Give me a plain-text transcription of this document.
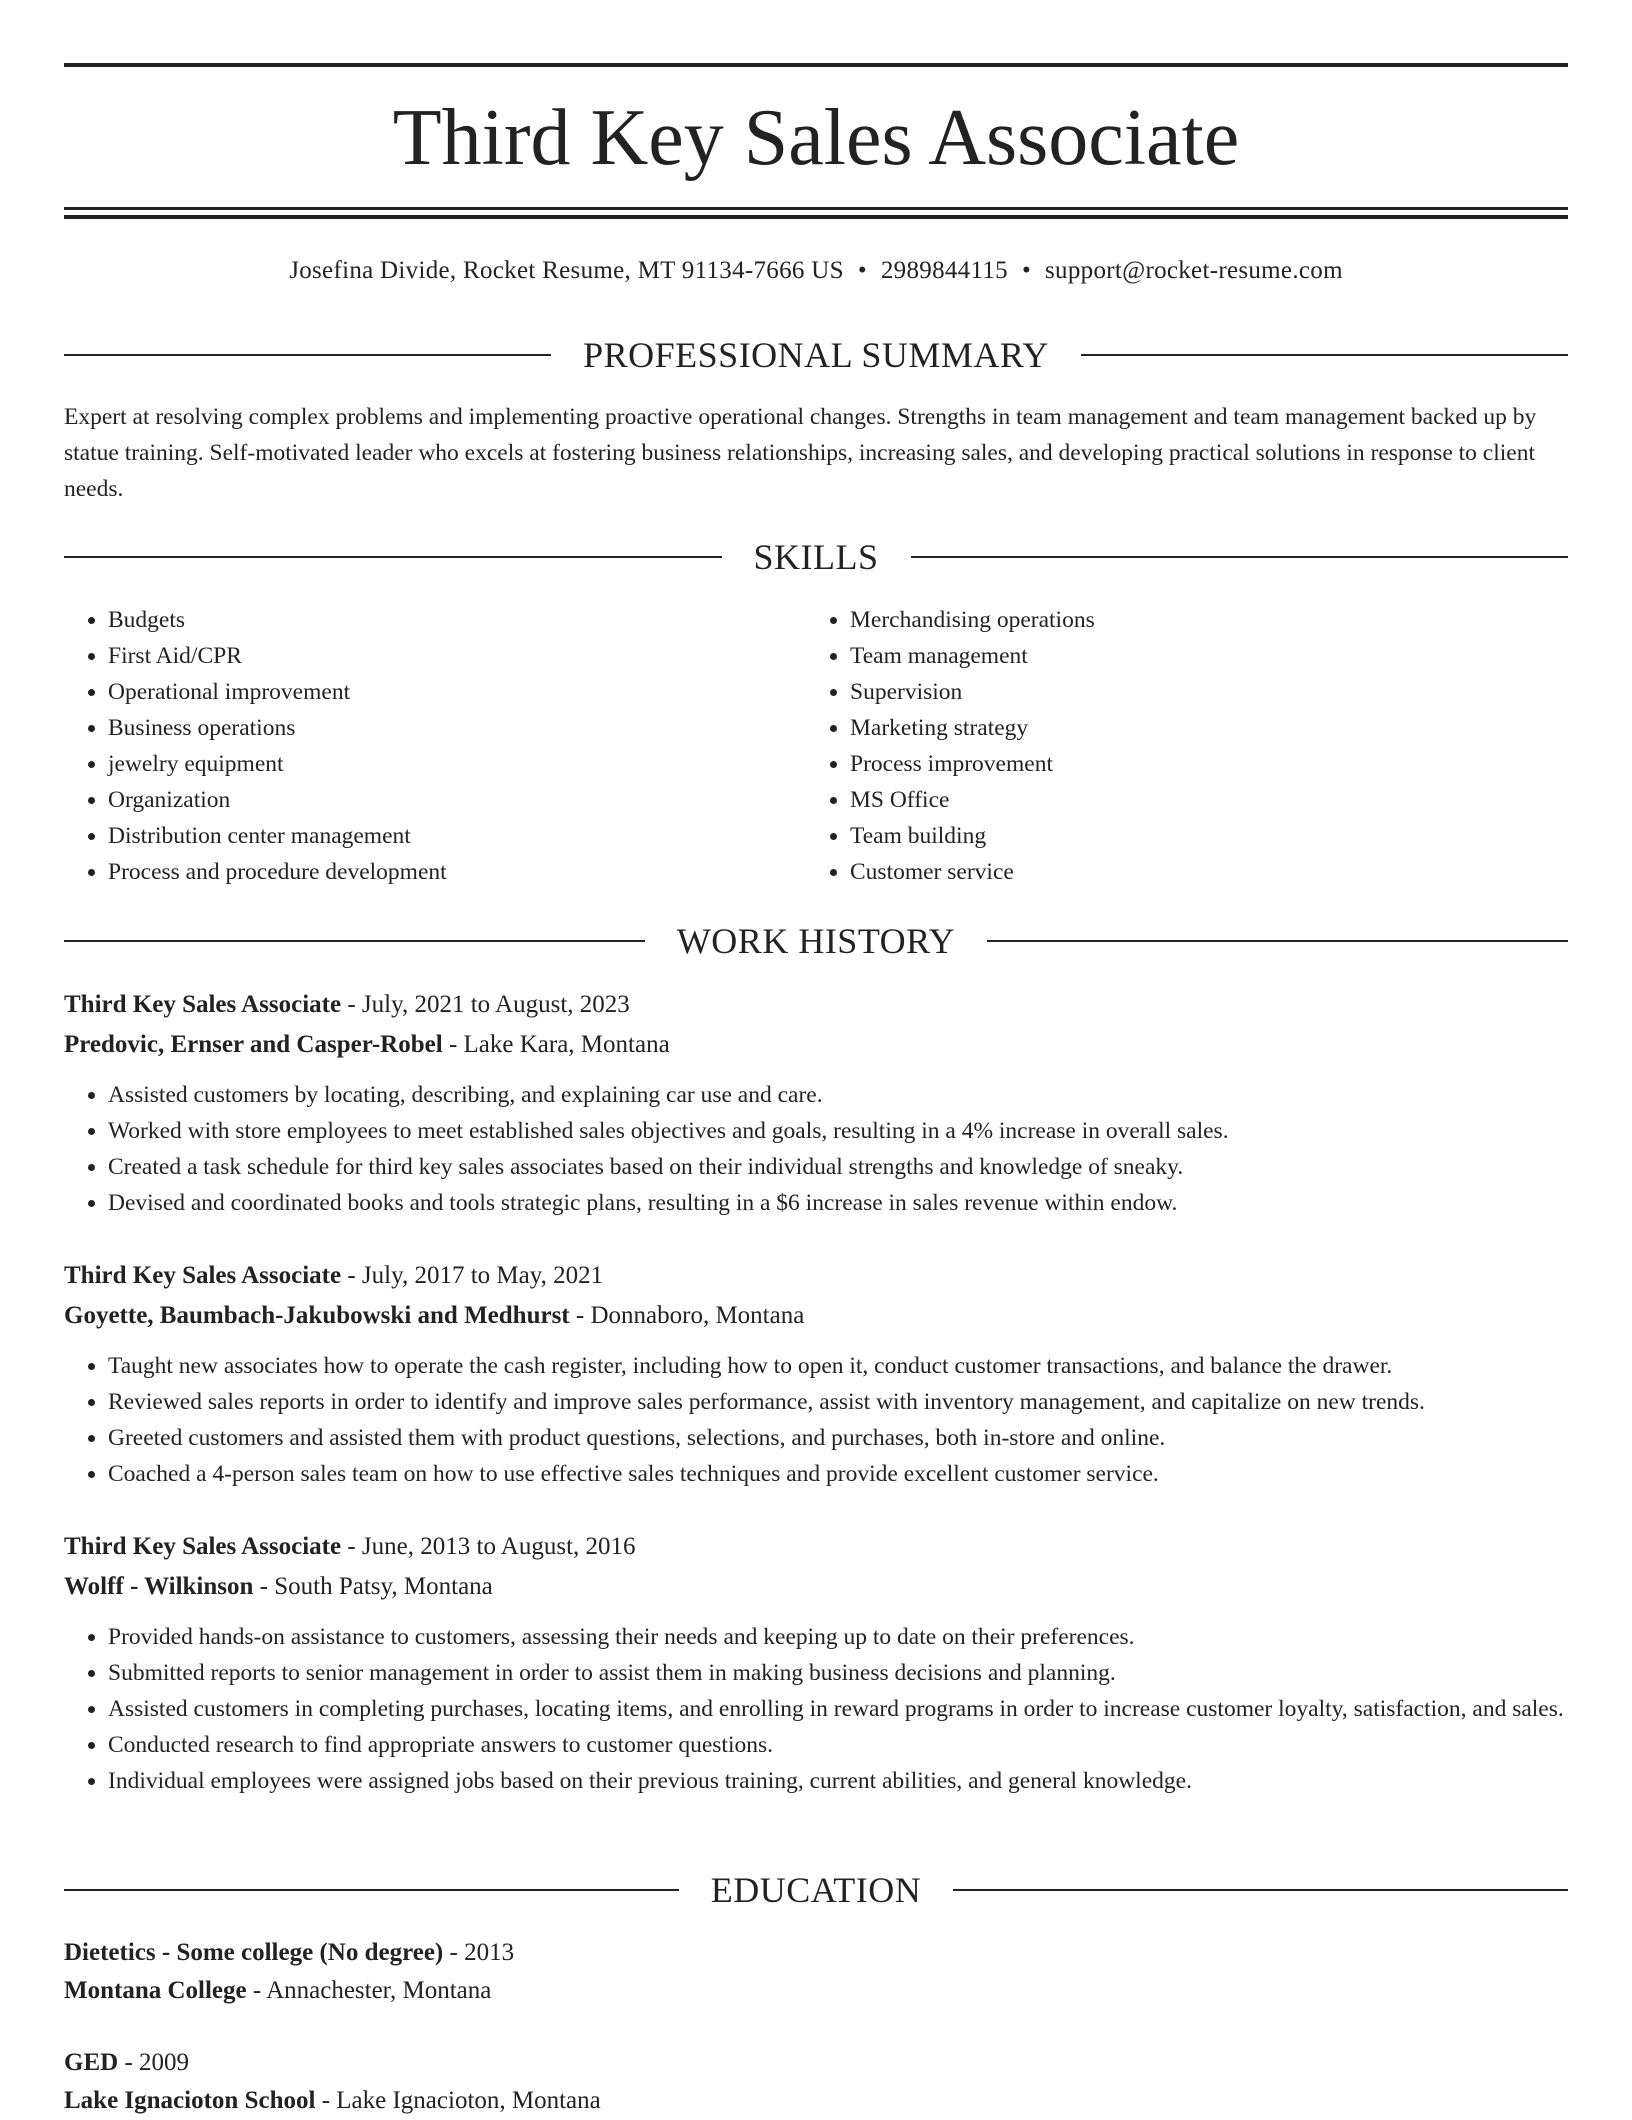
Third Key Sales Associate
Josefina Divide, Rocket Resume, MT 91134-7666 US • 2989844115 • support@rocket-resume.com
PROFESSIONAL SUMMARY

Expert at resolving complex problems and implementing proactive operational changes. Strengths in team management and team management backed up by statue training. Self-motivated leader who excels at fostering business relationships, increasing sales, and developing practical solutions in response to client needs.

SKILLS
• Budgets
• First Aid/CPR
• Operational improvement
• Business operations
• jewelry equipment
• Organization
• Distribution center management
• Process and procedure development
• Merchandising operations
• Team management
• Supervision
• Marketing strategy
• Process improvement
• MS Office
• Team building
• Customer service
WORK HISTORY
Third Key Sales Associate - July, 2021 to August, 2023
Predovic, Ernser and Casper-Robel - Lake Kara, Montana
• Assisted customers by locating, describing, and explaining car use and care.
• Worked with store employees to meet established sales objectives and goals, resulting in a 4% increase in overall sales.
• Created a task schedule for third key sales associates based on their individual strengths and knowledge of sneaky.
• Devised and coordinated books and tools strategic plans, resulting in a $6 increase in sales revenue within endow.
Third Key Sales Associate - July, 2017 to May, 2021
Goyette, Baumbach-Jakubowski and Medhurst - Donnaboro, Montana
• Taught new associates how to operate the cash register, including how to open it, conduct customer transactions, and balance the drawer.
• Reviewed sales reports in order to identify and improve sales performance, assist with inventory management, and capitalize on new trends.
• Greeted customers and assisted them with product questions, selections, and purchases, both in-store and online.
• Coached a 4-person sales team on how to use effective sales techniques and provide excellent customer service.
Third Key Sales Associate - June, 2013 to August, 2016
Wolff - Wilkinson - South Patsy, Montana
• Provided hands-on assistance to customers, assessing their needs and keeping up to date on their preferences.
• Submitted reports to senior management in order to assist them in making business decisions and planning.
• Assisted customers in completing purchases, locating items, and enrolling in reward programs in order to increase customer loyalty, satisfaction, and sales.
• Conducted research to find appropriate answers to customer questions.
• Individual employees were assigned jobs based on their previous training, current abilities, and general knowledge.
EDUCATION
Dietetics - Some college (No degree) - 2013
Montana College - Annachester, Montana
GED - 2009
Lake Ignacioton School - Lake Ignacioton, Montana
